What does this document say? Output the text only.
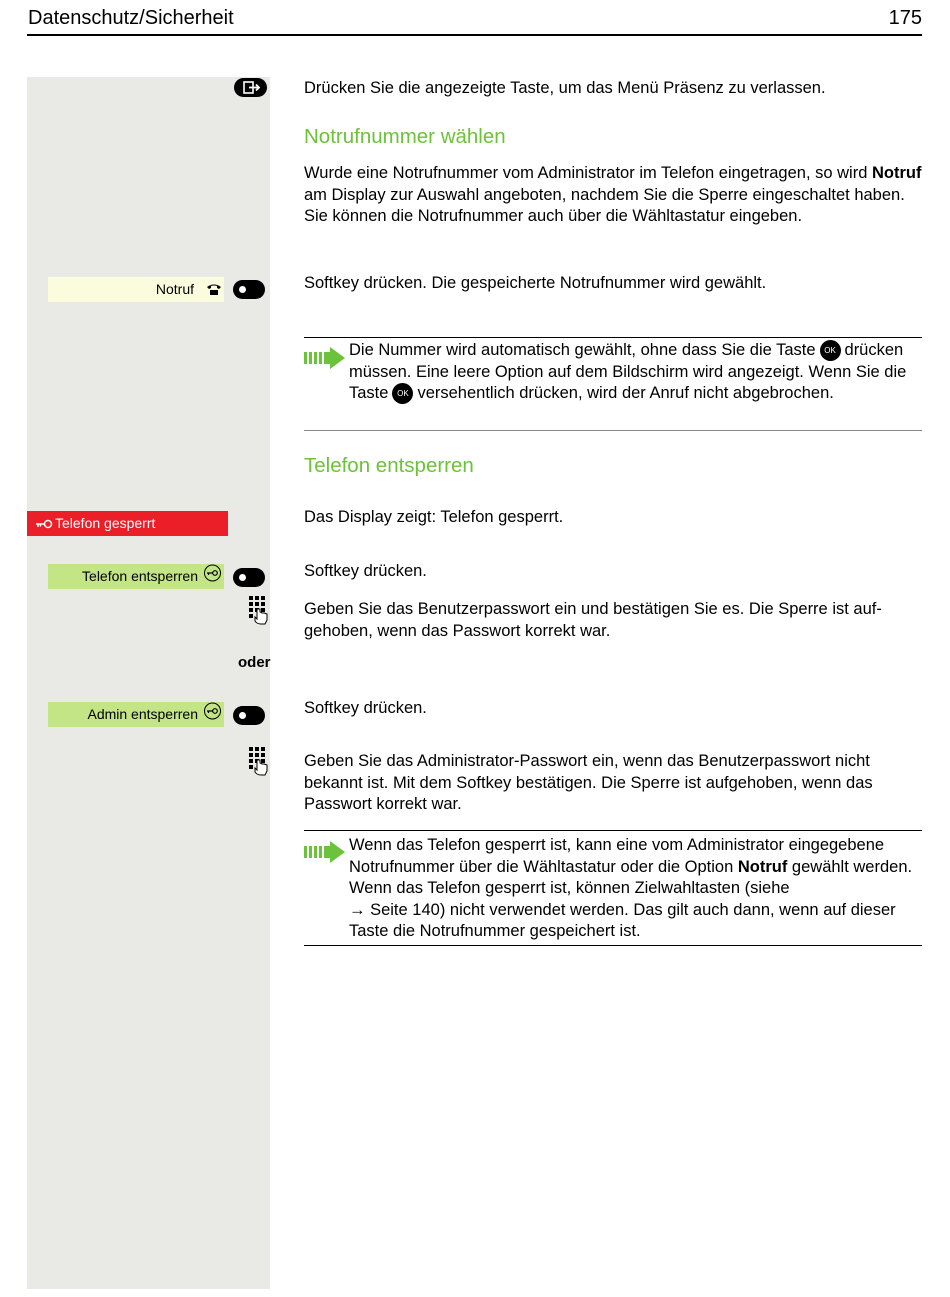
Datenschutz/Sicherheit	175
Drücken Sie die angezeigte Taste, um das Menü Präsenz zu verlassen.
Notrufnummer wählen
Wurde eine Notrufnummer vom Administrator im Telefon eingetragen, so wird Notruf am Display zur Auswahl angeboten, nachdem Sie die Sperre eingeschaltet haben. Sie können die Notrufnummer auch über die Wähltastatur eingeben.
Notruf	Softkey drücken. Die gespeicherte Notrufnummer wird gewählt.
Die Nummer wird automatisch gewählt, ohne dass Sie die Taste OK drücken müssen. Eine leere Option auf dem Bildschirm wird angezeigt. Wenn Sie die Taste OK versehentlich drücken, wird der Anruf nicht abgebrochen.
Telefon entsperren
Telefon gesperrt	Das Display zeigt: Telefon gesperrt.
Telefon entsperren	Softkey drücken.
Geben Sie das Benutzerpasswort ein und bestätigen Sie es. Die Sperre ist aufgehoben, wenn das Passwort korrekt war.
oder
Admin entsperren	Softkey drücken.
Geben Sie das Administrator-Passwort ein, wenn das Benutzerpasswort nicht bekannt ist. Mit dem Softkey bestätigen. Die Sperre ist aufgehoben, wenn das Passwort korrekt war.
Wenn das Telefon gesperrt ist, kann eine vom Administrator eingegebene Notrufnummer über die Wähltastatur oder die Option Notruf gewählt werden. Wenn das Telefon gesperrt ist, können Zielwahltasten (siehe
→ Seite 140) nicht verwendet werden. Das gilt auch dann, wenn auf dieser Taste die Notrufnummer gespeichert ist.
